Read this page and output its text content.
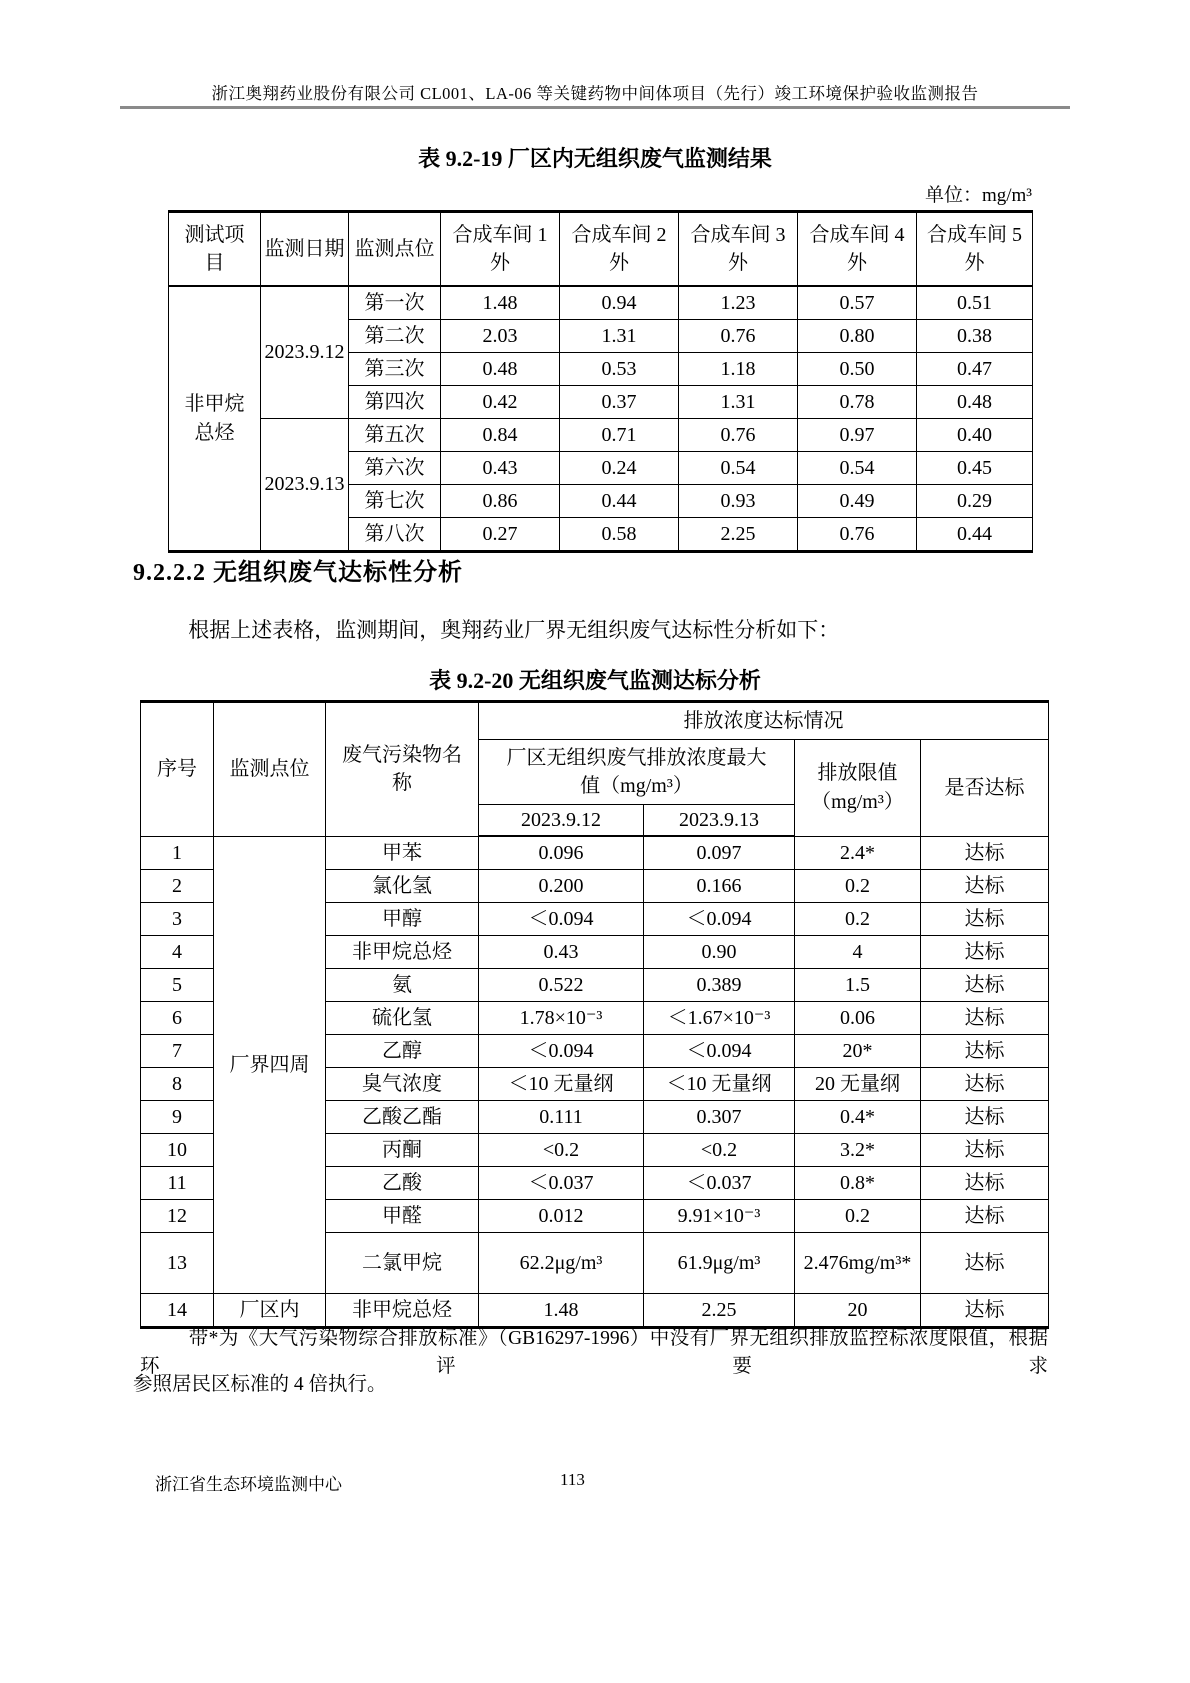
浙江奥翔药业股份有限公司 CL001、LA-06 等关键药物中间体项目（先行）竣工环境保护验收监测报告
表 9.2-19 厂区内无组织废气监测结果
单位：mg/m³
测试项目	监测日期	监测点位	合成车间 1 外	合成车间 2 外	合成车间 3 外	合成车间 4 外	合成车间 5 外
非甲烷总烃	2023.9.12	第一次	1.48	0.94	1.23	0.57	0.51
		第二次	2.03	1.31	0.76	0.80	0.38
		第三次	0.48	0.53	1.18	0.50	0.47
		第四次	0.42	0.37	1.31	0.78	0.48
	2023.9.13	第五次	0.84	0.71	0.76	0.97	0.40
		第六次	0.43	0.24	0.54	0.54	0.45
		第七次	0.86	0.44	0.93	0.49	0.29
		第八次	0.27	0.58	2.25	0.76	0.44
9.2.2.2 无组织废气达标性分析
根据上述表格，监测期间，奥翔药业厂界无组织废气达标性分析如下：
表 9.2-20 无组织废气监测达标分析
序号	监测点位	废气污染物名称	排放浓度达标情况			
			厂区无组织废气排放浓度最大值（mg/m³）		排放限值（mg/m³）	是否达标
			2023.9.12	2023.9.13		
1	厂界四周	甲苯	0.096	0.097	2.4*	达标
2		氯化氢	0.200	0.166	0.2	达标
3		甲醇	＜0.094	＜0.094	0.2	达标
4		非甲烷总烃	0.43	0.90	4	达标
5		氨	0.522	0.389	1.5	达标
6		硫化氢	1.78×10⁻³	＜1.67×10⁻³	0.06	达标
7		乙醇	＜0.094	＜0.094	20*	达标
8		臭气浓度	＜10 无量纲	＜10 无量纲	20 无量纲	达标
9		乙酸乙酯	0.111	0.307	0.4*	达标
10		丙酮	<0.2	<0.2	3.2*	达标
11		乙酸	＜0.037	＜0.037	0.8*	达标
12		甲醛	0.012	9.91×10⁻³	0.2	达标
13		二氯甲烷	62.2μg/m³	61.9μg/m³	2.476mg/m³*	达标
14	厂区内	非甲烷总烃	1.48	2.25	20	达标
带*为《大气污染物综合排放标准》（GB16297-1996）中没有厂界无组织排放监控标浓度限值，根据环评要求
参照居民区标准的 4 倍执行。
浙江省生态环境监测中心	113
